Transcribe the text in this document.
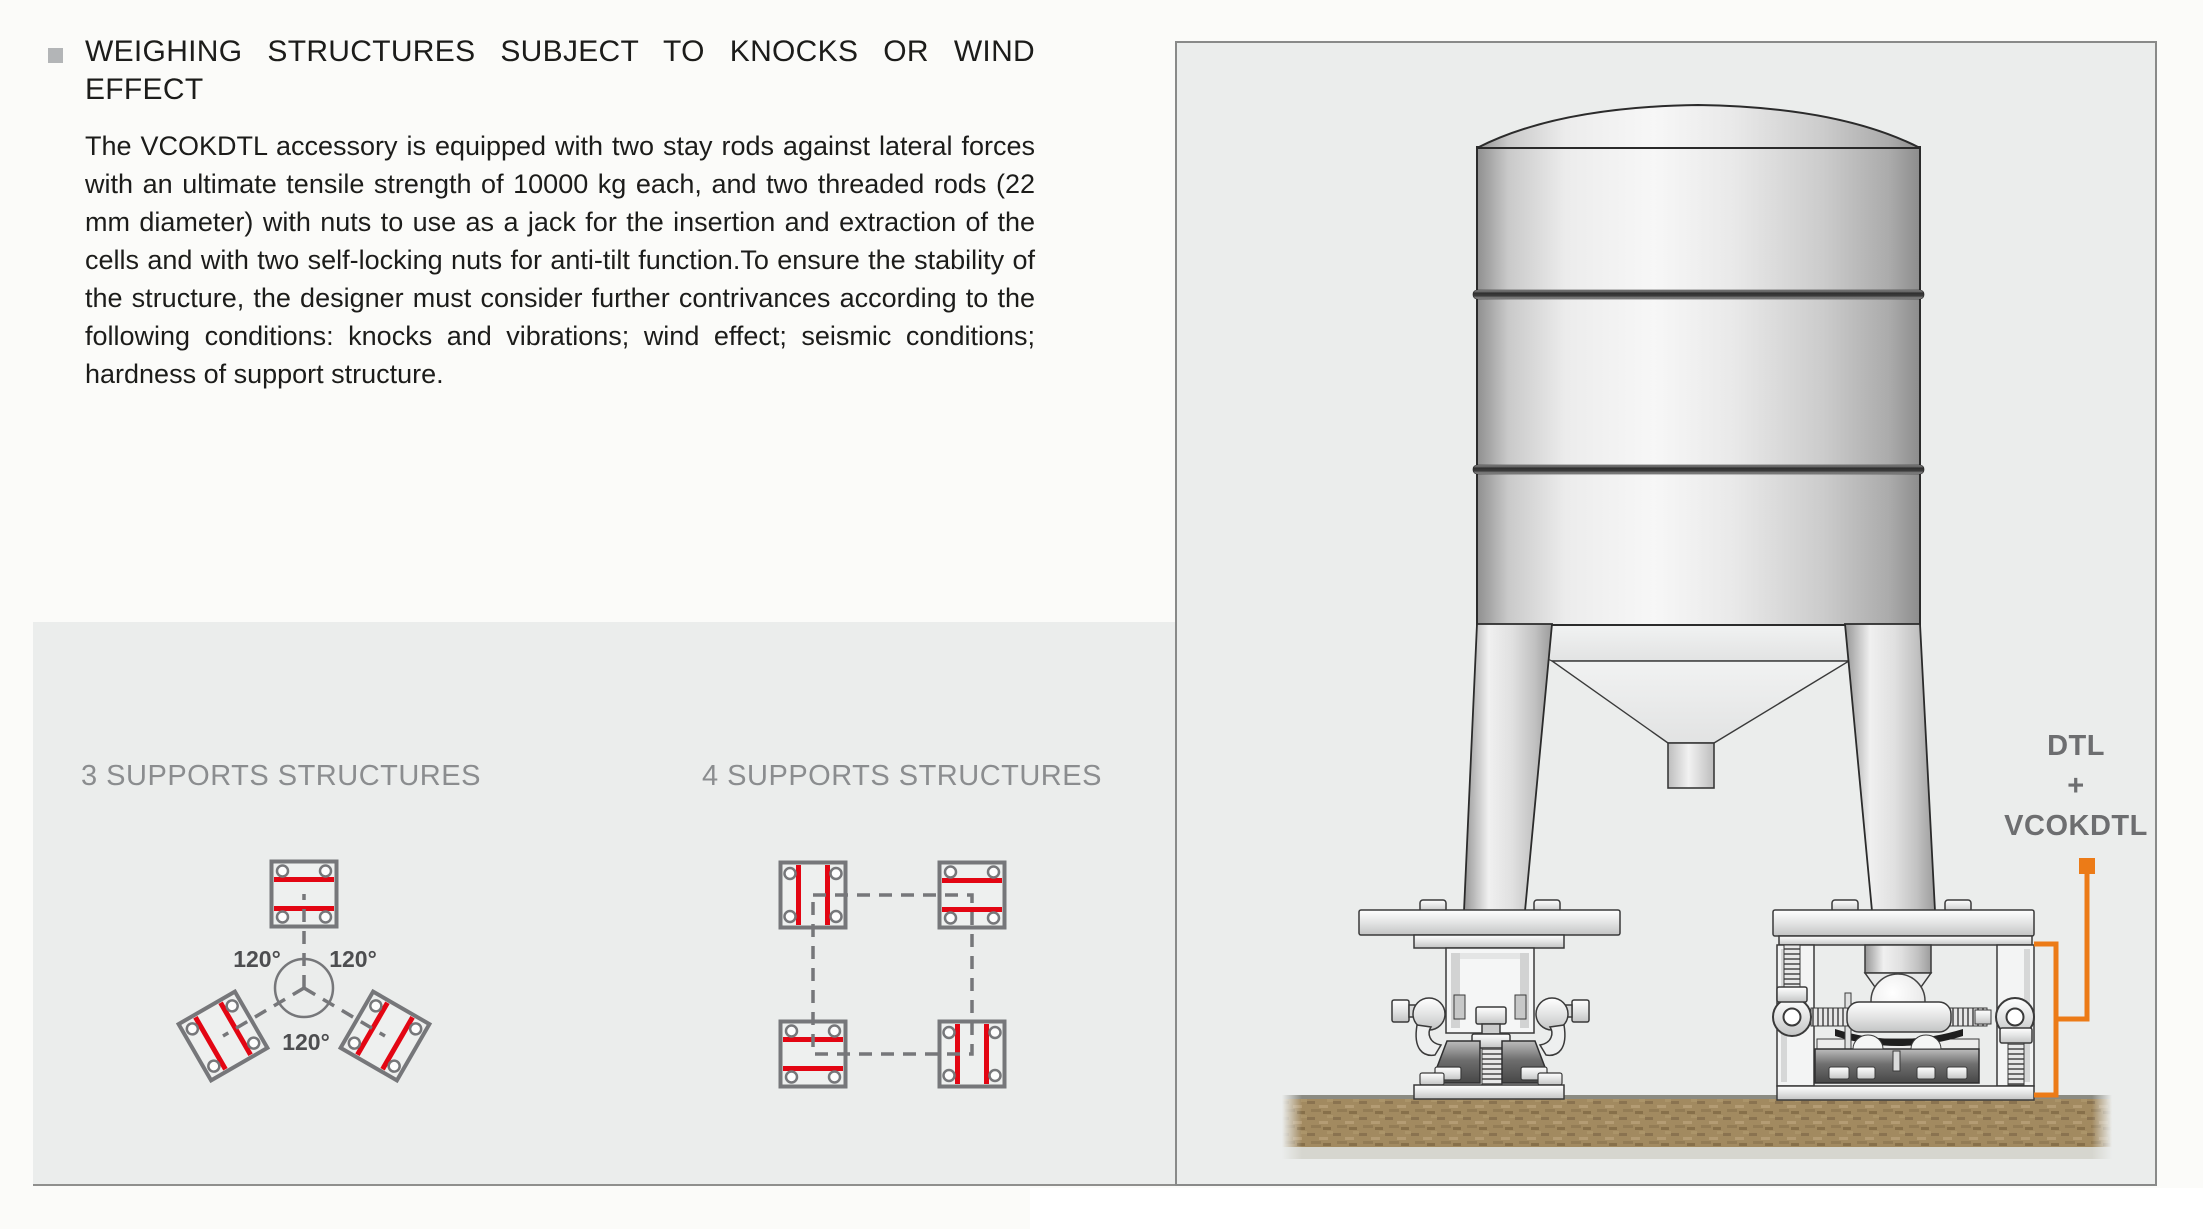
WEIGHING STRUCTURES SUBJECT TO KNOCKS OR WIND EFFECT
The VCOKDTL accessory is equipped with two stay rods against lateral forces with an ultimate tensile strength of 10000 kg each, and two threaded rods (22 mm diameter) with nuts to use as a jack for the insertion and extraction of the cells and with two self-locking nuts for anti-tilt function.To ensure the stability of the structure, the designer must consider further contrivances according to the following conditions: knocks and vibrations; wind effect; seismic conditions; hardness of support structure.
3 SUPPORTS STRUCTURES	4 SUPPORTS STRUCTURES
120° 120°
120°
DTL
+
VCOKDTL
